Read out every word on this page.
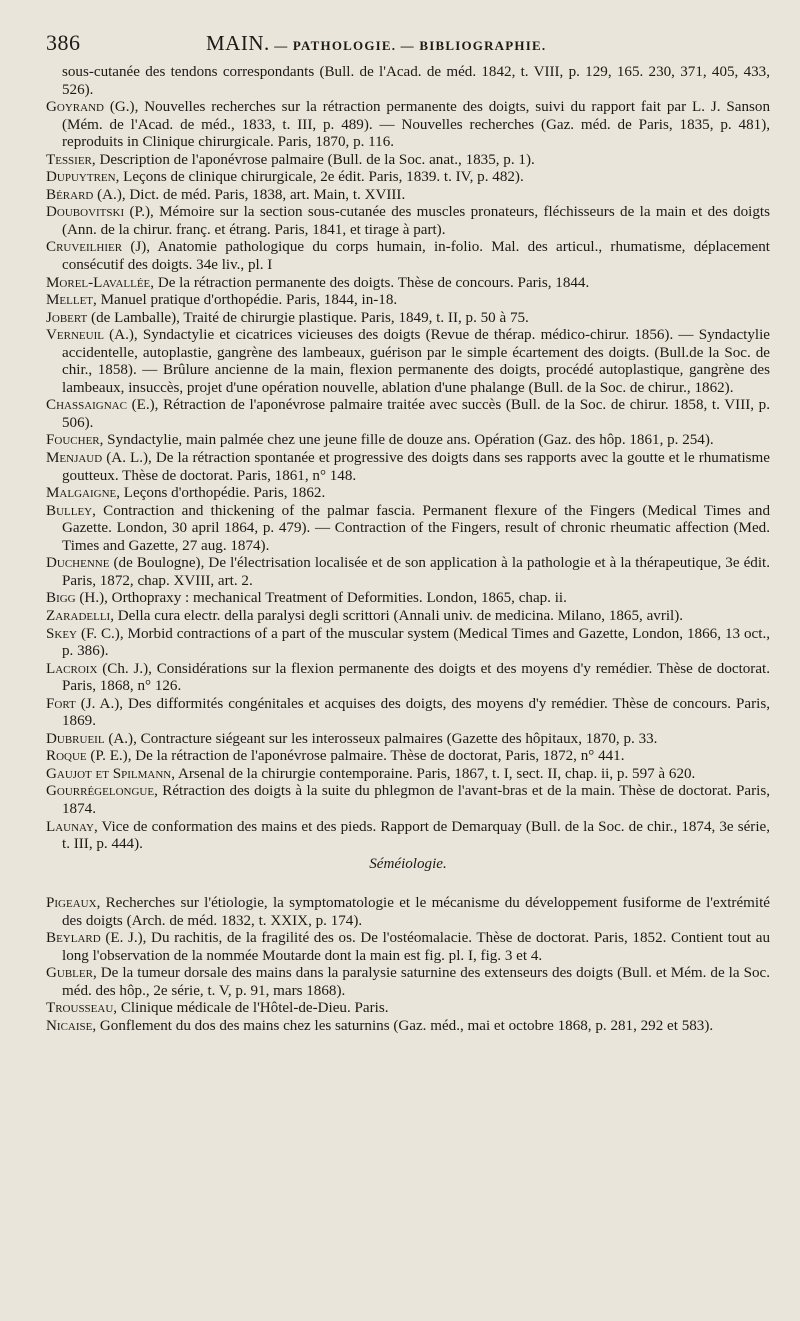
386	MAIN. — PATHOLOGIE. — BIBLIOGRAPHIE.
sous-cutanée des tendons correspondants (Bull. de l'Acad. de méd. 1842, t. VIII, p. 129, 165. 230, 371, 405, 433, 526).
Goyrand (G.), Nouvelles recherches sur la rétraction permanente des doigts, suivi du rapport fait par L. J. Sanson (Mém. de l'Acad. de méd., 1833, t. III, p. 489). — Nouvelles recherches (Gaz. méd. de Paris, 1835, p. 481), reproduits in Clinique chirurgicale. Paris, 1870, p. 116.
Tessier, Description de l'aponévrose palmaire (Bull. de la Soc. anat., 1835, p. 1).
Dupuytren, Leçons de clinique chirurgicale, 2e édit. Paris, 1839. t. IV, p. 482).
Bérard (A.), Dict. de méd. Paris, 1838, art. Main, t. XVIII.
Doubovitski (P.), Mémoire sur la section sous-cutanée des muscles pronateurs, fléchisseurs de la main et des doigts (Ann. de la chirur. franç. et étrang. Paris, 1841, et tirage à part).
Cruveilhier (J), Anatomie pathologique du corps humain, in-folio. Mal. des articul., rhumatisme, déplacement consécutif des doigts. 34e liv., pl. I
Morel-Lavallée, De la rétraction permanente des doigts. Thèse de concours. Paris, 1844.
Mellet, Manuel pratique d'orthopédie. Paris, 1844, in-18.
Jobert (de Lamballe), Traité de chirurgie plastique. Paris, 1849, t. II, p. 50 à 75.
Verneuil (A.), Syndactylie et cicatrices vicieuses des doigts (Revue de thérap. médico-chirur. 1856). — Syndactylie accidentelle, autoplastie, gangrène des lambeaux, guérison par le simple écartement des doigts. (Bull.de la Soc. de chir., 1858). — Brûlure ancienne de la main, flexion permanente des doigts, procédé autoplastique, gangrène des lambeaux, insuccès, projet d'une opération nouvelle, ablation d'une phalange (Bull. de la Soc. de chirur., 1862).
Chassaignac (E.), Rétraction de l'aponévrose palmaire traitée avec succès (Bull. de la Soc. de chirur. 1858, t. VIII, p. 506).
Foucher, Syndactylie, main palmée chez une jeune fille de douze ans. Opération (Gaz. des hôp. 1861, p. 254).
Menjaud (A. L.), De la rétraction spontanée et progressive des doigts dans ses rapports avec la goutte et le rhumatisme goutteux. Thèse de doctorat. Paris, 1861, n° 148.
Malgaigne, Leçons d'orthopédie. Paris, 1862.
Bulley, Contraction and thickening of the palmar fascia. Permanent flexure of the Fingers (Medical Times and Gazette. London, 30 april 1864, p. 479). — Contraction of the Fingers, result of chronic rheumatic affection (Med. Times and Gazette, 27 aug. 1874).
Duchenne (de Boulogne), De l'électrisation localisée et de son application à la pathologie et à la thérapeutique, 3e édit. Paris, 1872, chap. XVIII, art. 2.
Bigg (H.), Orthopraxy : mechanical Treatment of Deformities. London, 1865, chap. ii.
Zaradelli, Della cura electr. della paralysi degli scrittori (Annali univ. de medicina. Milano, 1865, avril).
Skey (F. C.), Morbid contractions of a part of the muscular system (Medical Times and Gazette, London, 1866, 13 oct., p. 386).
Lacroix (Ch. J.), Considérations sur la flexion permanente des doigts et des moyens d'y remédier. Thèse de doctorat. Paris, 1868, n° 126.
Fort (J. A.), Des difformités congénitales et acquises des doigts, des moyens d'y remédier. Thèse de concours. Paris, 1869.
Dubrueil (A.), Contracture siégeant sur les interosseux palmaires (Gazette des hôpitaux, 1870, p. 33.
Roque (P. E.), De la rétraction de l'aponévrose palmaire. Thèse de doctorat, Paris, 1872, n° 441.
Gaujot et Spilmann, Arsenal de la chirurgie contemporaine. Paris, 1867, t. I, sect. II, chap. ii, p. 597 à 620.
Gourrégelongue, Rétraction des doigts à la suite du phlegmon de l'avant-bras et de la main. Thèse de doctorat. Paris, 1874.
Launay, Vice de conformation des mains et des pieds. Rapport de Demarquay (Bull. de la Soc. de chir., 1874, 3e série, t. III, p. 444).
Séméiologie.
Pigeaux, Recherches sur l'étiologie, la symptomatologie et le mécanisme du développement fusiforme de l'extrémité des doigts (Arch. de méd. 1832, t. XXIX, p. 174).
Beylard (E. J.), Du rachitis, de la fragilité des os. De l'ostéomalacie. Thèse de doctorat. Paris, 1852. Contient tout au long l'observation de la nommée Moutarde dont la main est fig. pl. I, fig. 3 et 4.
Gubler, De la tumeur dorsale des mains dans la paralysie saturnine des extenseurs des doigts (Bull. et Mém. de la Soc. méd. des hôp., 2e série, t. V, p. 91, mars 1868).
Trousseau, Clinique médicale de l'Hôtel-de-Dieu. Paris.
Nicaise, Gonflement du dos des mains chez les saturnins (Gaz. méd., mai et octobre 1868, p. 281, 292 et 583).
